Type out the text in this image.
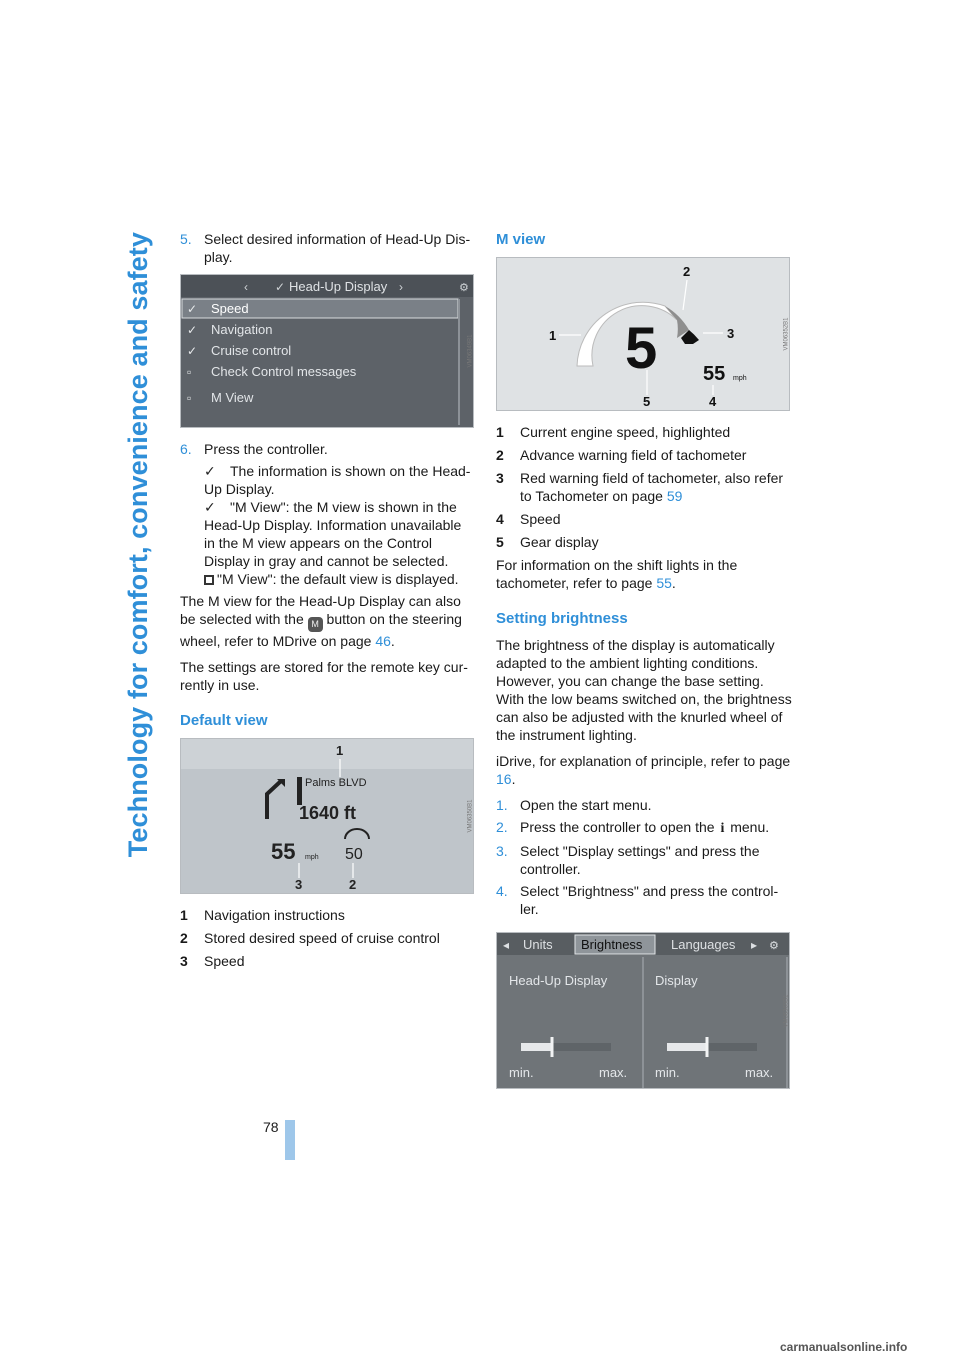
Technology for comfort, convenience and safety 5. Select desired information of Head-Up Dis-play.
‹ ✓ Head-Up Display ›
✓ Speed
✓ Navigation
✓ Cruise control
▫ Check Control messages
▫ M View
⚙
VM06349B1
6. Press the controller.
✓ The information is shown on the Head-Up Display.
✓ "M View": the M view is shown in the Head-Up Display. Information unavailable in the M view appears on the Control Display in gray and cannot be selected.
"M View": the default view is displayed.

The M view for the Head-Up Display can also be selected with the M button on the steering wheel, refer to MDrive on page 46.

The settings are stored for the remote key cur-rently in use.

Default view
Palms BLVD
1640 ft
55 mph 50
1
2
3
VM06350B1
1	Navigation instructions
2	Stored desired speed of cruise control
3	Speed
M view
5 55 mph
1
2
3
4
5
VM06352B1
1	Current engine speed, highlighted
2	Advance warning field of tachometer
3	Red warning field of tachometer, also refer to Tachometer on page 59
4	Speed
5	Gear display

For information on the shift lights in the tachometer, refer to page 55.

Setting brightness

The brightness of the display is automatically adapted to the ambient lighting conditions. However, you can change the base setting. With the low beams switched on, the brightness can also be adjusted with the knurled wheel of the instrument lighting.

iDrive, for explanation of principle, refer to page 16.

1. Open the start menu.
2. Press the controller to open the i menu.
3. Select "Display settings" and press the controller.
4. Select "Brightness" and press the control-ler.
◂ Units Brightness Languages ▸ ⚙
Head-Up Display
min.	max.
Display
min.	max.
VM06369B1
78
carmanualsonline.info
